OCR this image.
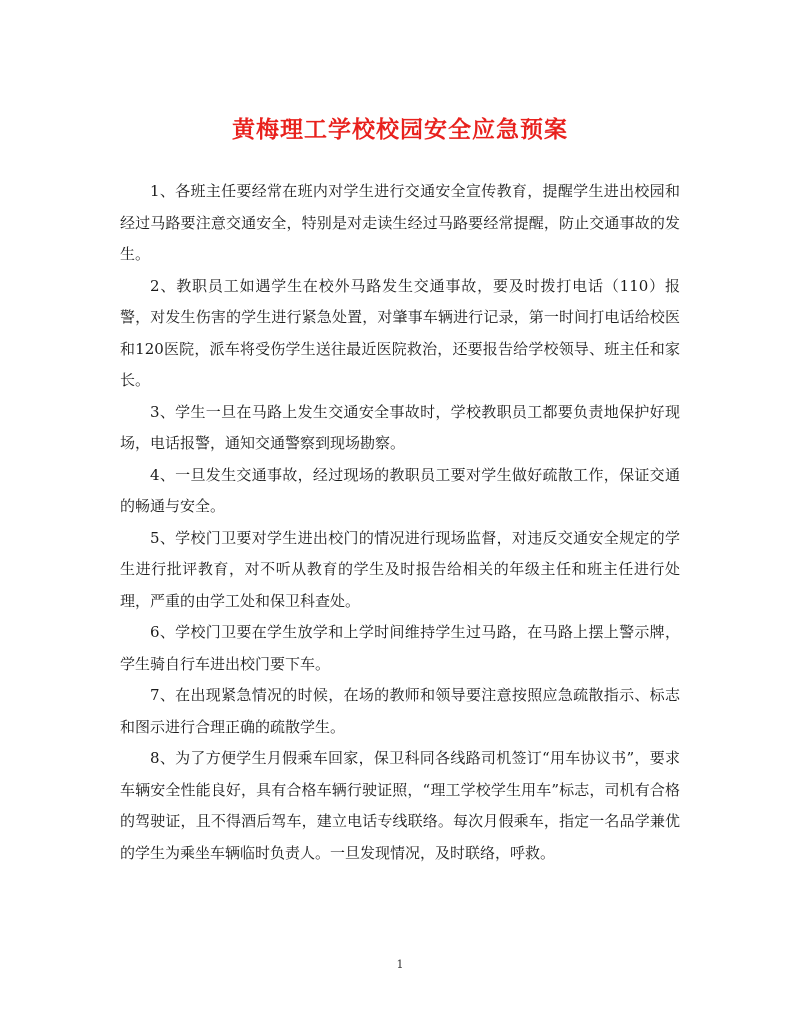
黄梅理工学校校园安全应急预案

1、各班主任要经常在班内对学生进行交通安全宣传教育，提醒学生进出校园和经过马路要注意交通安全，特别是对走读生经过马路要经常提醒，防止交通事故的发生。

2、教职员工如遇学生在校外马路发生交通事故，要及时拨打电话（110）报警，对发生伤害的学生进行紧急处置，对肇事车辆进行记录，第一时间打电话给校医和120医院，派车将受伤学生送往最近医院救治，还要报告给学校领导、班主任和家长。

3、学生一旦在马路上发生交通安全事故时，学校教职员工都要负责地保护好现场，电话报警，通知交通警察到现场勘察。

4、一旦发生交通事故，经过现场的教职员工要对学生做好疏散工作，保证交通的畅通与安全。

5、学校门卫要对学生进出校门的情况进行现场监督，对违反交通安全规定的学生进行批评教育，对不听从教育的学生及时报告给相关的年级主任和班主任进行处理，严重的由学工处和保卫科查处。

6、学校门卫要在学生放学和上学时间维持学生过马路，在马路上摆上警示牌，学生骑自行车进出校门要下车。

7、在出现紧急情况的时候，在场的教师和领导要注意按照应急疏散指示、标志和图示进行合理正确的疏散学生。

8、为了方便学生月假乘车回家，保卫科同各线路司机签订“用车协议书”，要求车辆安全性能良好，具有合格车辆行驶证照，“理工学校学生用车”标志，司机有合格的驾驶证，且不得酒后驾车，建立电话专线联络。每次月假乘车，指定一名品学兼优的学生为乘坐车辆临时负责人。一旦发现情况，及时联络，呼救。

1
